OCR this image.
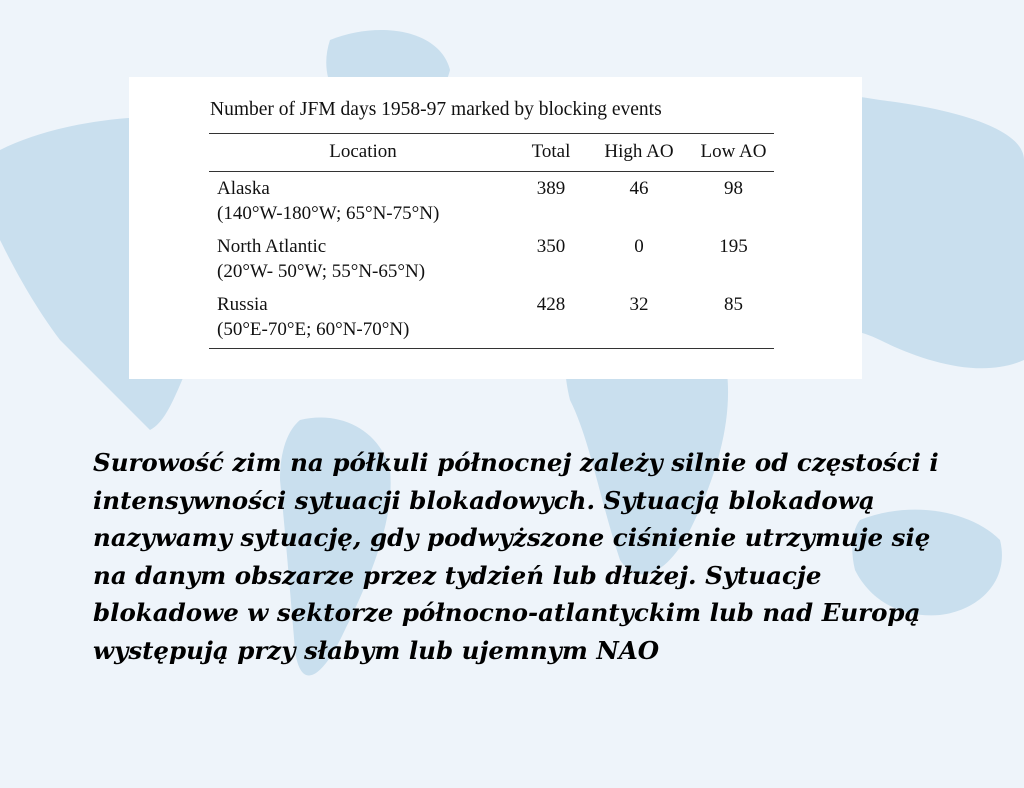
Number of JFM days 1958-97 marked by blocking events
Location	Total	High AO	Low AO

Alaska
(140°W-180°W; 65°N-75°N)	389	46	98

North Atlantic
(20°W- 50°W; 55°N-65°N)	350	0	195

Russia
(50°E-70°E; 60°N-70°N)	428	32	85

Surowość zim na półkuli północnej zależy silnie od częstości i intensywności sytuacji blokadowych. Sytuacją blokadową nazywamy sytuację, gdy podwyższone ciśnienie utrzymuje się na danym obszarze przez tydzień lub dłużej. Sytuacje blokadowe w sektorze północno-atlantyckim lub nad Europą występują przy słabym lub ujemnym NAO
